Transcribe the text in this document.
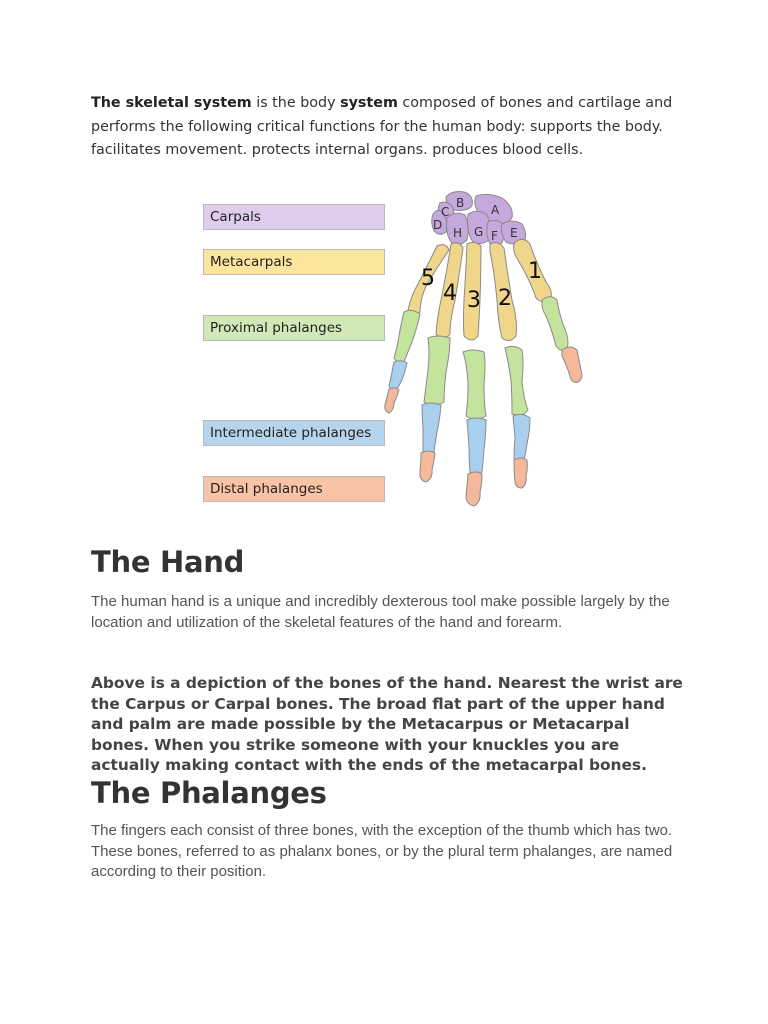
The skeletal system is the body system composed of bones and cartilage and performs the following critical functions for the human body: supports the body. facilitates movement. protects internal organs. produces blood cells.

Carpals
Metacarpals
Proximal phalanges
Intermediate phalanges
Distal phalanges
B A
C
D
H G F E
1
2
3
4
5
The Hand

The human hand is a unique and incredibly dexterous tool make possible largely by the location and utilization of the skeletal features of the hand and forearm.

Above is a depiction of the bones of the hand. Nearest the wrist are the Carpus or Carpal bones. The broad flat part of the upper hand and palm are made possible by the Metacarpus or Metacarpal bones. When you strike someone with your knuckles you are actually making contact with the ends of the metacarpal bones.

The Phalanges

The fingers each consist of three bones, with the exception of the thumb which has two. These bones, referred to as phalanx bones, or by the plural term phalanges, are named according to their position.
